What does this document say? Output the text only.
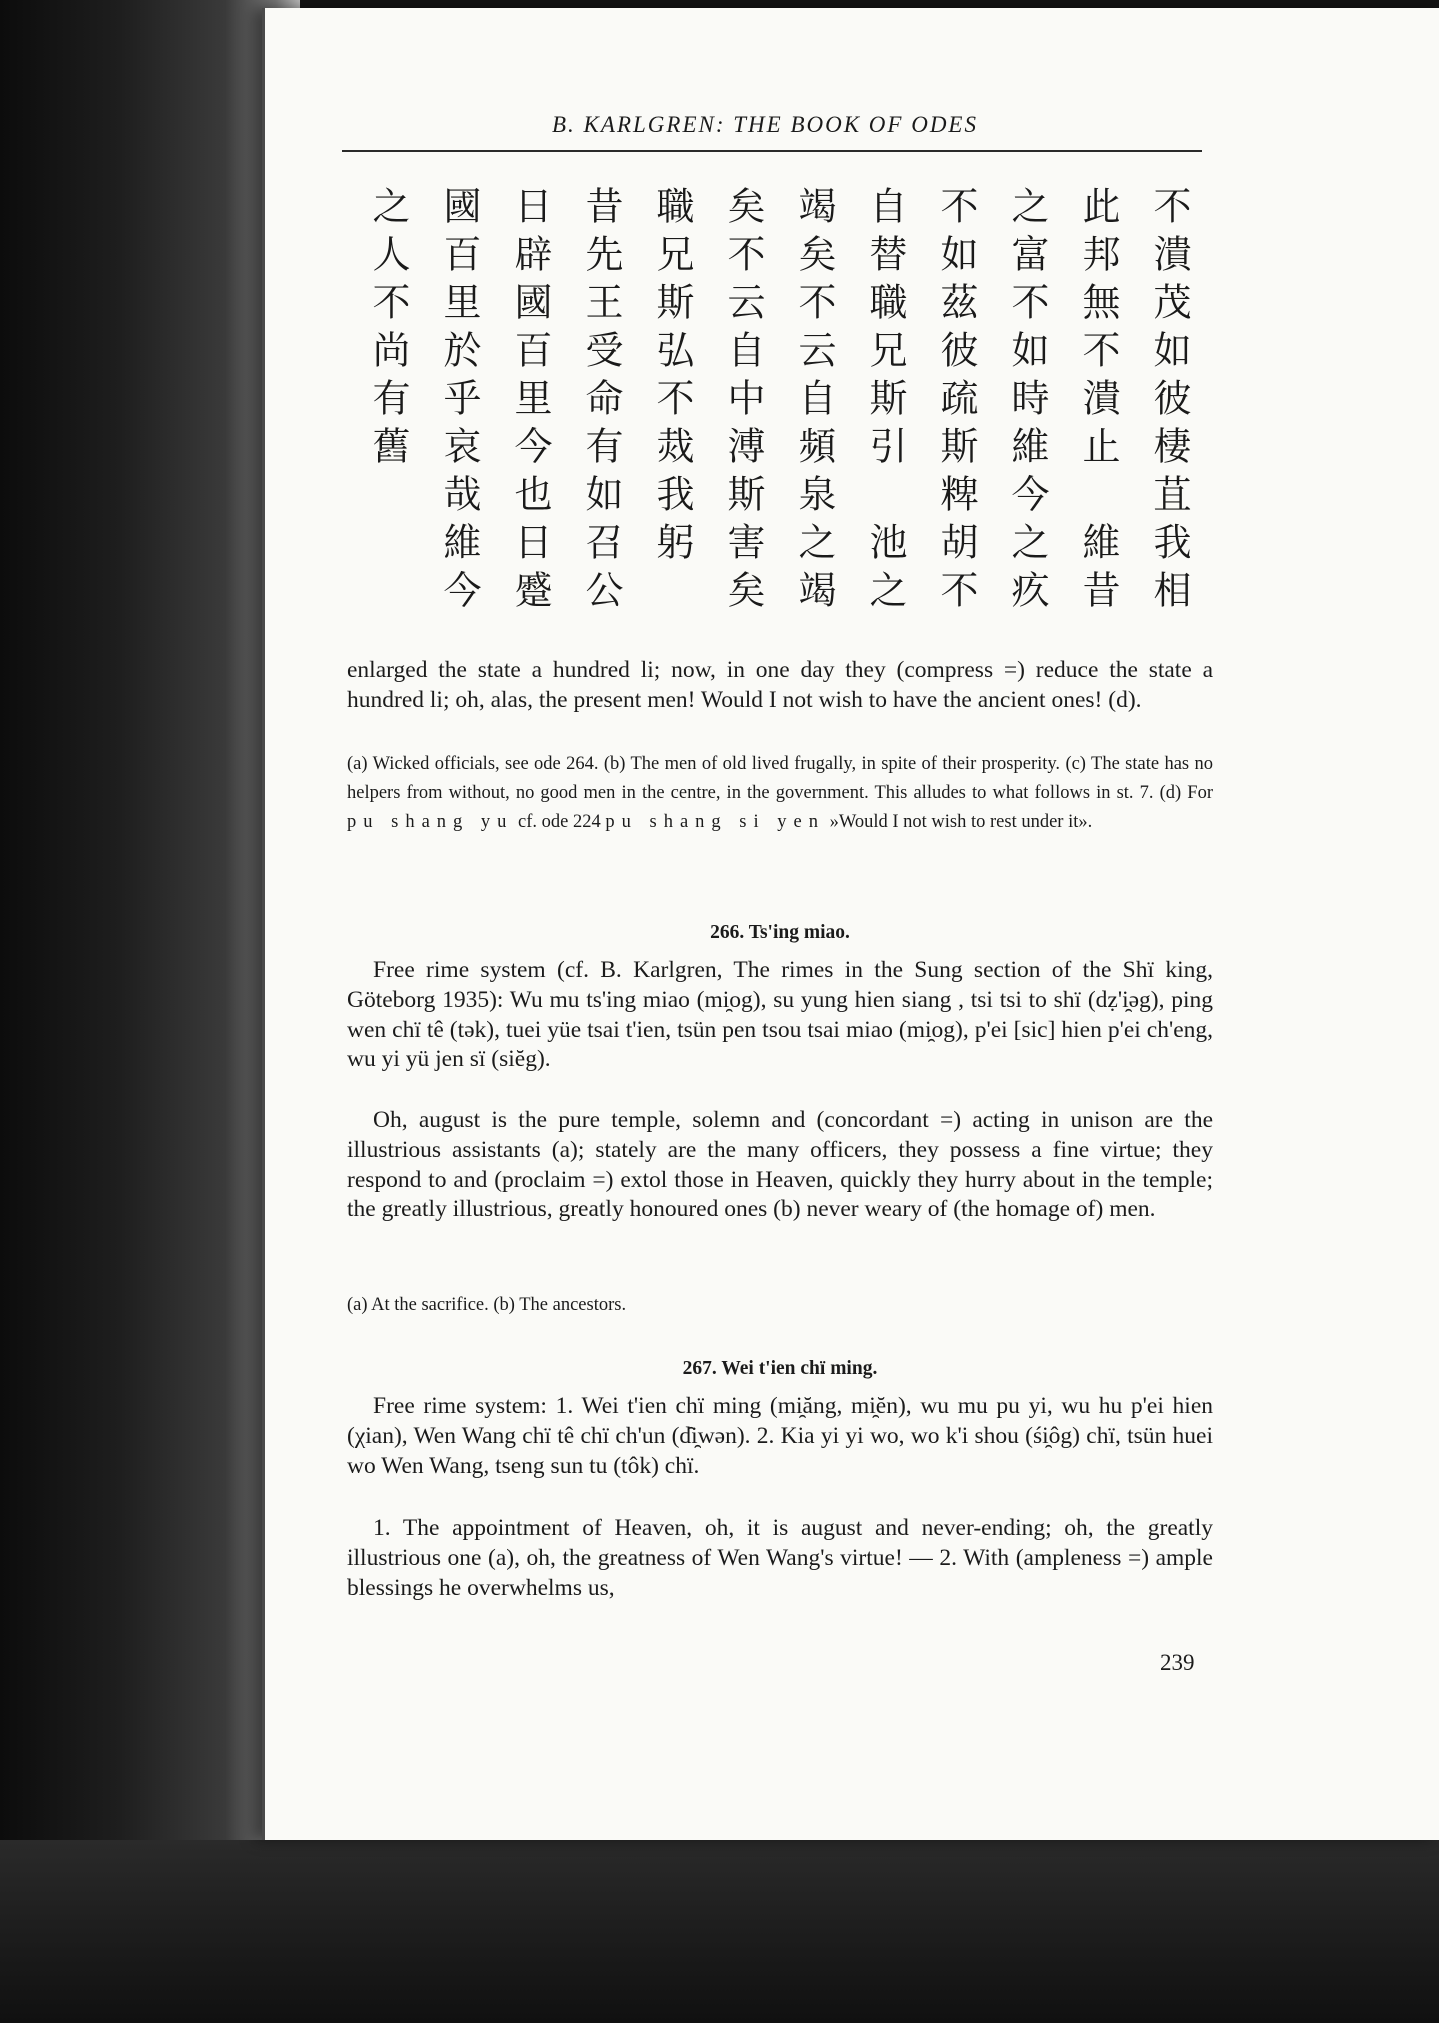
B. KARLGREN: THE BOOK OF ODES
不潰茂如彼棲苴我相
此邦無不潰止　維昔
之富不如時維今之疚
不如茲彼疏斯粺胡不
自替職兄斯引　池之
竭矣不云自頻泉之竭
矣不云自中溥斯害矣
職兄斯弘不烖我躬
昔先王受命有如召公
日辟國百里今也日蹙
國百里於乎哀哉維今
之人不尚有舊
enlarged the state a hundred li; now, in one day they (compress =) reduce the state a hundred li; oh, alas, the present men! Would I not wish to have the ancient ones! (d).
(a) Wicked officials, see ode 264. (b) The men of old lived frugally, in spite of their prosperity. (c) The state has no helpers from without, no good men in the centre, in the government. This alludes to what follows in st. 7. (d) For pu shang yu cf. ode 224 pu shang si yen »Would I not wish to rest under it».
266. Ts'ing miao.
Free rime system (cf. B. Karlgren, The rimes in the Sung section of the Shï king, Göteborg 1935): Wu mu ts'ing miao (mi̯og), su yung hien siang , tsi tsi to shï (dẓ'i̯əg), ping wen chï tê (tək), tuei yüe tsai t'ien, tsün pen tsou tsai miao (mi̯og), p'ei [sic] hien p'ei ch'eng, wu yi yü jen sï (siĕg).
Oh, august is the pure temple, solemn and (concordant =) acting in unison are the illustrious assistants (a); stately are the many officers, they possess a fine virtue; they respond to and (proclaim =) extol those in Heaven, quickly they hurry about in the temple; the greatly illustrious, greatly honoured ones (b) never weary of (the homage of) men.
(a) At the sacrifice. (b) The ancestors.
267. Wei t'ien chï ming.
Free rime system: 1. Wei t'ien chï ming (mi̯ăng, mi̯ĕn), wu mu pu yi, wu hu p'ei hien (χian), Wen Wang chï tê chï ch'un (d̑i̯wən). 2. Kia yi yi wo, wo k'i shou (śi̯ôg) chï, tsün huei wo Wen Wang, tseng sun tu (tôk) chï.
1. The appointment of Heaven, oh, it is august and never-ending; oh, the greatly illustrious one (a), oh, the greatness of Wen Wang's virtue! — 2. With (ampleness =) ample blessings he overwhelms us,
239
